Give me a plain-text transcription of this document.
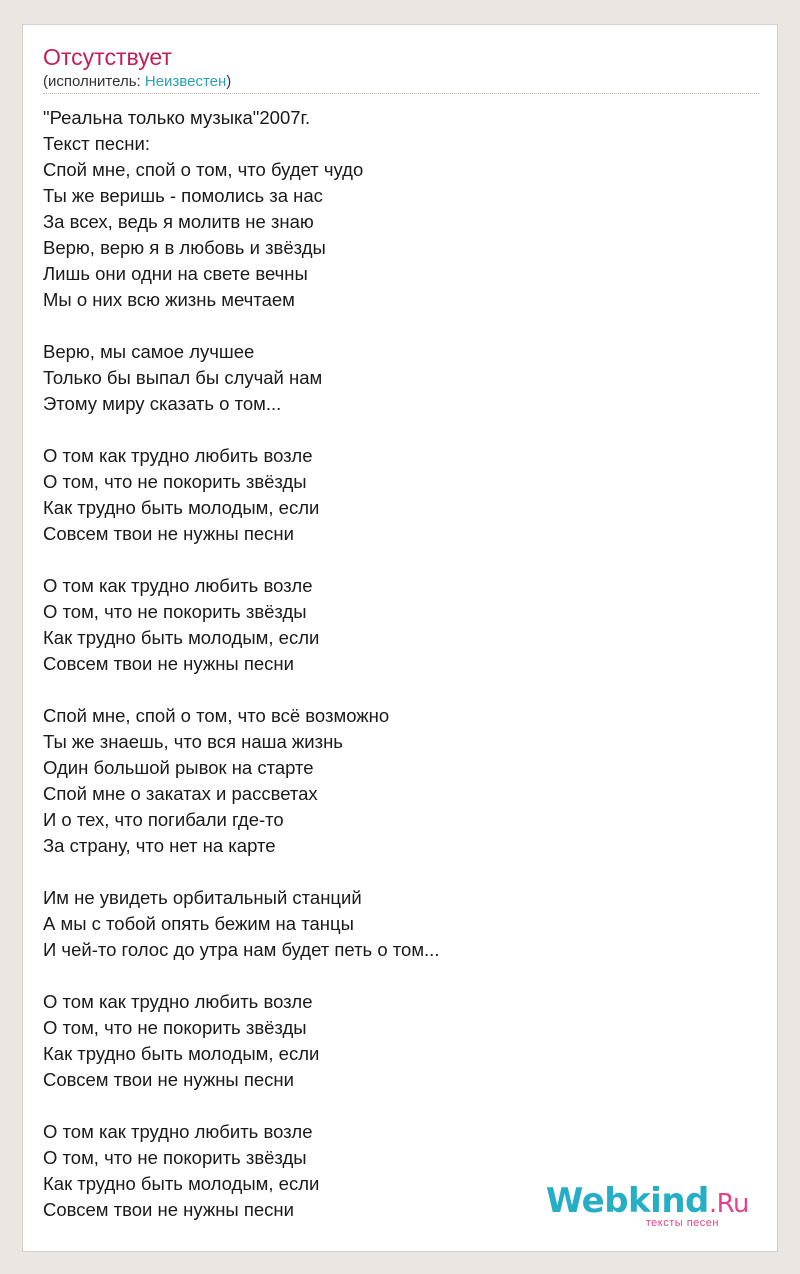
Отсутствует
(исполнитель: Неизвестен)
"Реальна только музыка"2007г.
Текст песни:
Спой мне, спой о том, что будет чудо
Ты же веришь - помолись за нас
За всех, ведь я молитв не знаю
Верю, верю я в любовь и звёзды
Лишь они одни на свете вечны
Мы о них всю жизнь мечтаем
Верю, мы самое лучшее
Только бы выпал бы случай нам
Этому миру сказать о том...
О том как трудно любить возле
О том, что не покорить звёзды
Как трудно быть молодым, если
Совсем твои не нужны песни
О том как трудно любить возле
О том, что не покорить звёзды
Как трудно быть молодым, если
Совсем твои не нужны песни
Спой мне, спой о том, что всё возможно
Ты же знаешь, что вся наша жизнь
Один большой рывок на старте
Спой мне о закатах и рассветах
И о тех, что погибали где-то
За страну, что нет на карте
Им не увидеть орбитальный станций
А мы с тобой опять бежим на танцы
И чей-то голос до утра нам будет петь о том...
О том как трудно любить возле
О том, что не покорить звёзды
Как трудно быть молодым, если
Совсем твои не нужны песни
О том как трудно любить возле
О том, что не покорить звёзды
Как трудно быть молодым, если
Совсем твои не нужны песни	Webkind.Ru
тексты песен
